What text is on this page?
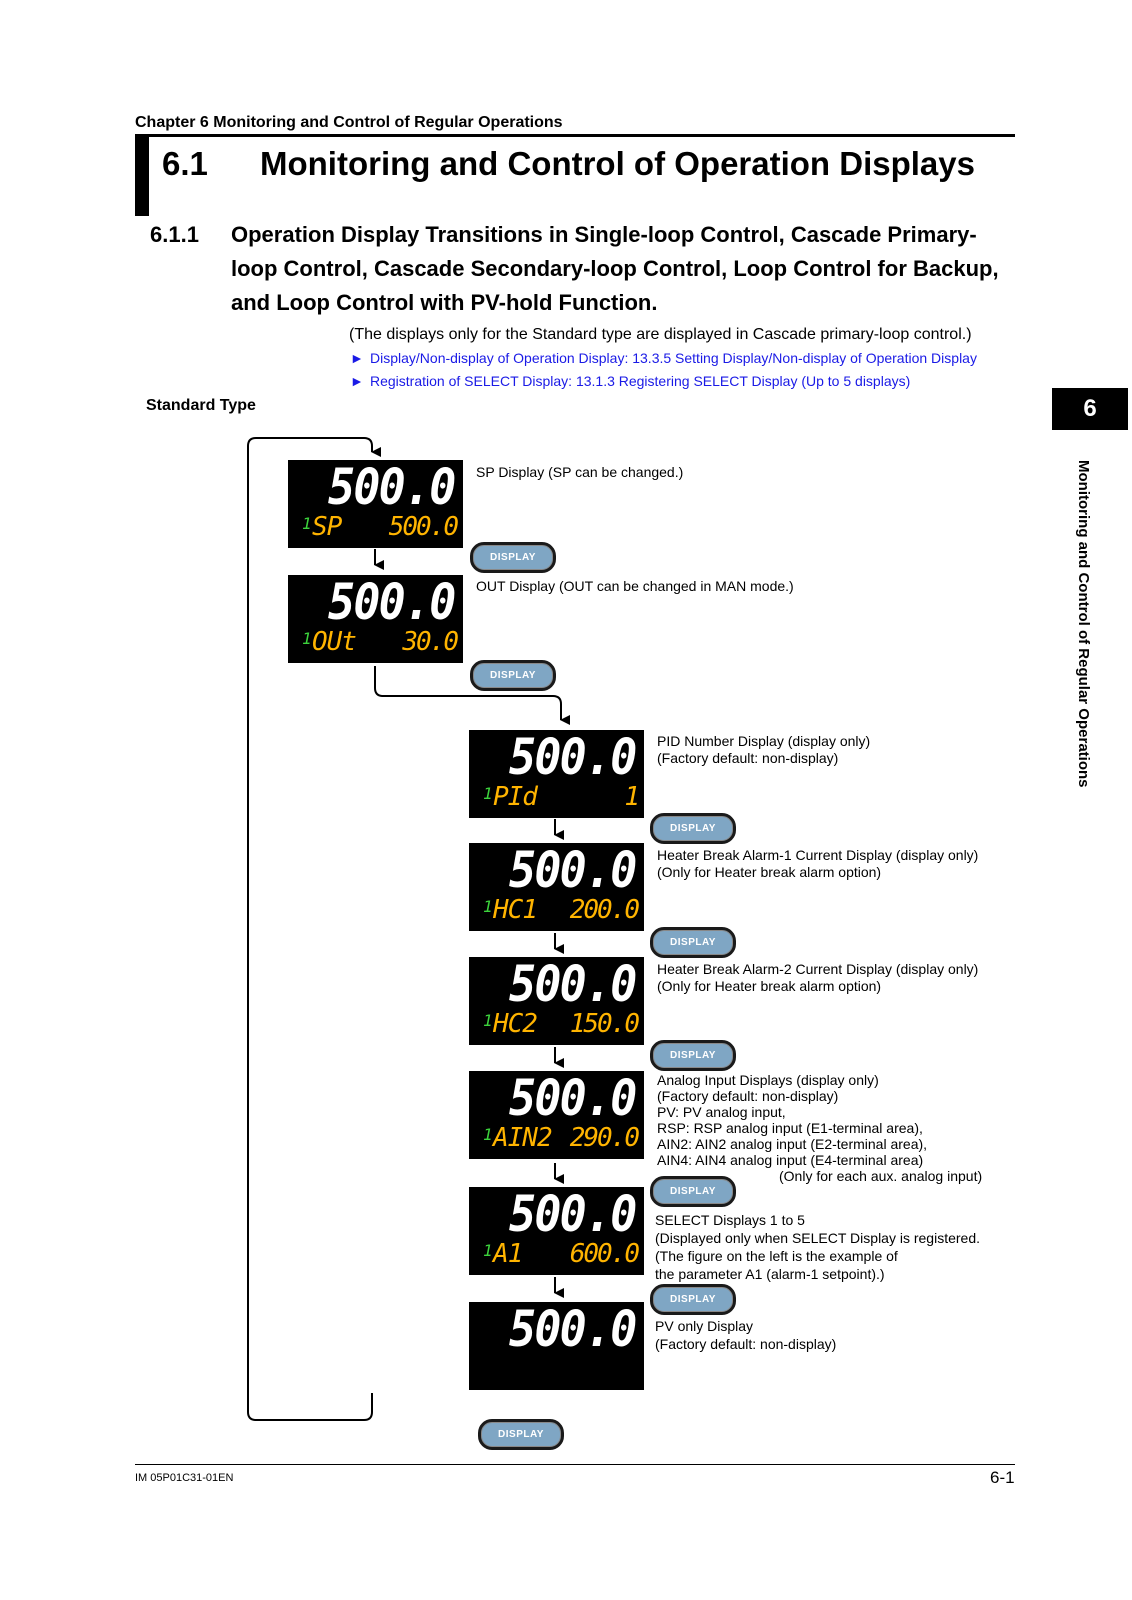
Chapter 6 Monitoring and Control of Regular Operations
6.1 Monitoring and Control of Operation Displays
6.1.1 Operation Display Transitions in Single-loop Control, Cascade Primary-
loop Control, Cascade Secondary-loop Control, Loop Control for Backup,
and Loop Control with PV-hold Function.
(The displays only for the Standard type are displayed in Cascade primary-loop control.)
► Display/Non-display of Operation Display: 13.3.5 Setting Display/Non-display of Operation Display
► Registration of SELECT Display: 13.1.3 Registering SELECT Display (Up to 5 displays)
Standard Type	6
Monitoring and Control of Regular Operations
500.0
1 SP 500.0
SP Display (SP can be changed.)
DISPLAY
500.0
1 OUt 30.0
OUT Display (OUT can be changed in MAN mode.)
DISPLAY
500.0
1 PId	1
PID Number Display (display only)
(Factory default: non-display)
DISPLAY
500.0
1 HC1 200.0
Heater Break Alarm-1 Current Display (display only)
(Only for Heater break alarm option)
DISPLAY
500.0
1 HC2 150.0
Heater Break Alarm-2 Current Display (display only)
(Only for Heater break alarm option)
DISPLAY
500.0
1 AIN2 290.0
Analog Input Displays (display only)
(Factory default: non-display)
PV: PV analog input,
RSP: RSP analog input (E1-terminal area),
AIN2: AIN2 analog input (E2-terminal area),
AIN4: AIN4 analog input (E4-terminal area)
(Only for each aux. analog input)
DISPLAY
500.0
1 A1 600.0
SELECT Displays 1 to 5
(Displayed only when SELECT Display is registered.
(The figure on the left is the example of
the parameter A1 (alarm-1 setpoint).)
DISPLAY
500.0 PV only Display
(Factory default: non-display)
DISPLAY
IM 05P01C31-01EN	6-1
